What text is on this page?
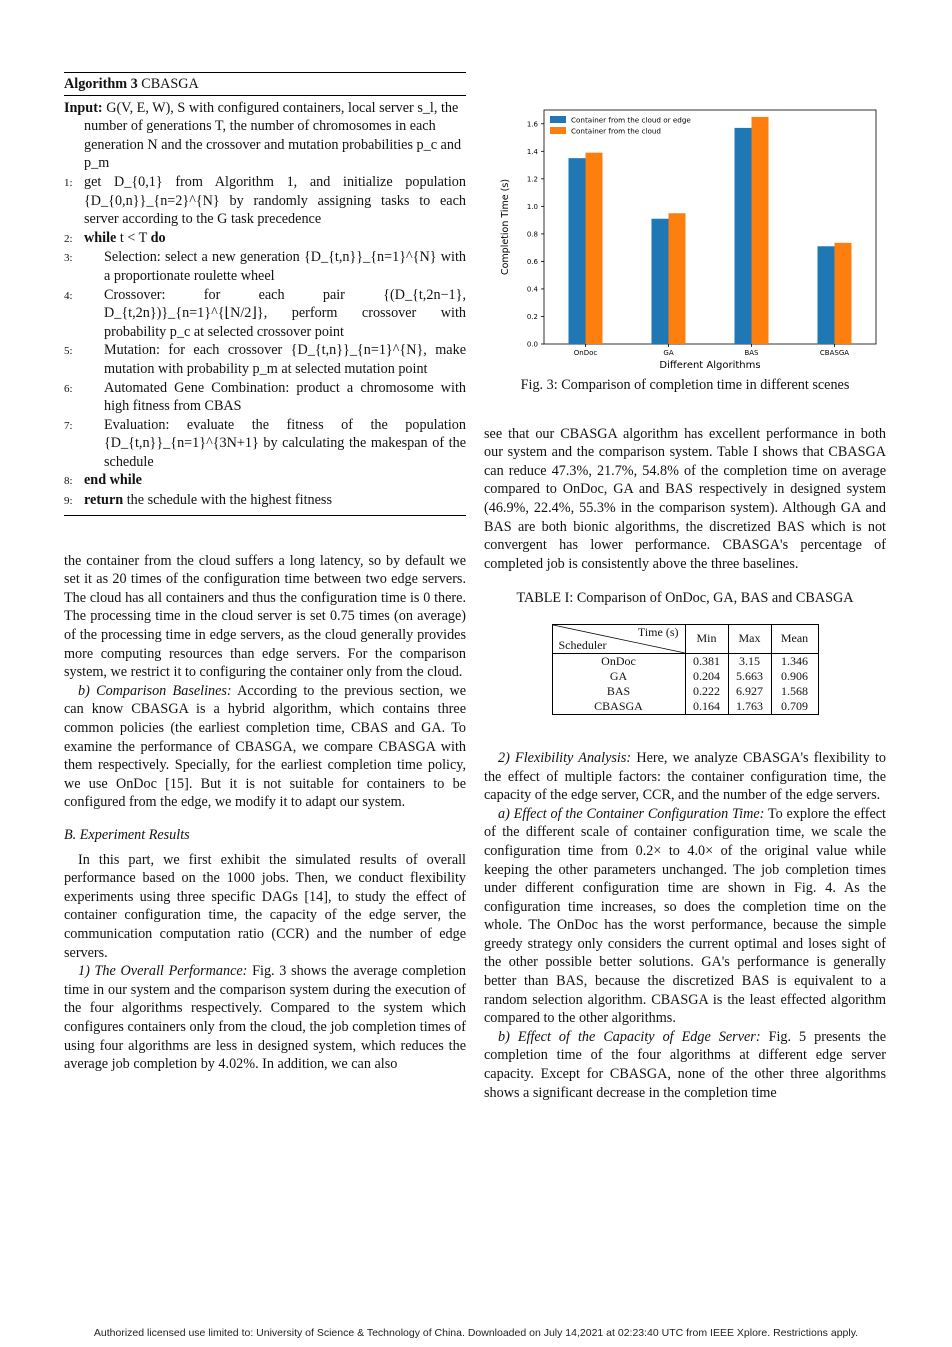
Algorithm 3 CBASGA
Input: G(V, E, W), S with configured containers, local server s_l, the number of generations T, the number of chromosomes in each generation N and the crossover and mutation probabilities p_c and p_m
1: get D_{0,1} from Algorithm 1, and initialize population {D_{0,n}}_{n=2}^{N} by randomly assigning tasks to each server according to the G task precedence
2: while t < T do
3:	Selection: select a new generation {D_{t,n}}_{n=1}^{N} with a proportionate roulette wheel
4:	Crossover: for each pair {(D_{t,2n−1}, D_{t,2n})}_{n=1}^{⌊N/2⌋}, perform crossover with probability p_c at selected crossover point
5:	Mutation: for each crossover {D_{t,n}}_{n=1}^{N}, make mutation with probability p_m at selected mutation point
6:	Automated Gene Combination: product a chromosome with high fitness from CBAS
7:	Evaluation: evaluate the fitness of the population {D_{t,n}}_{n=1}^{3N+1} by calculating the makespan of the schedule
8: end while
9: return the schedule with the highest fitness

the container from the cloud suffers a long latency, so by default we set it as 20 times of the configuration time between two edge servers. The cloud has all containers and thus the configuration time is 0 there. The processing time in the cloud server is set 0.75 times (on average) of the processing time in edge servers, as the cloud generally provides more computing resources than edge servers. For the comparison system, we restrict it to configuring the container only from the cloud.

b) Comparison Baselines: According to the previous section, we can know CBASGA is a hybrid algorithm, which contains three common policies (the earliest completion time, CBAS and GA. To examine the performance of CBASGA, we compare CBASGA with them respectively. Specially, for the earliest completion time policy, we use OnDoc [15]. But it is not suitable for containers to be configured from the edge, we modify it to adapt our system.

B. Experiment Results

In this part, we first exhibit the simulated results of overall performance based on the 1000 jobs. Then, we conduct flexibility experiments using three specific DAGs [14], to study the effect of container configuration time, the capacity of the edge server, the communication computation ratio (CCR) and the number of edge servers.

1) The Overall Performance: Fig. 3 shows the average completion time in our system and the comparison system during the execution of the four algorithms respectively. Compared to the system which configures containers only from the cloud, the job completion times of using four algorithms are less in designed system, which reduces the average job completion by 4.02%. In addition, we can also

0.0
0.2
0.4
0.6
0.8
1.0
1.2
1.4
1.6
OnDoc	GA	BAS	CBASGA
Different Algorithms
Completion Time (s)
Container from the cloud or edge
Container from the cloud
Fig. 3: Comparison of completion time in different scenes

see that our CBASGA algorithm has excellent performance in both our system and the comparison system. Table I shows that CBASGA can reduce 47.3%, 21.7%, 54.8% of the completion time on average compared to OnDoc, GA and BAS respectively in designed system (46.9%, 22.4%, 55.3% in the comparison system). Although GA and BAS are both bionic algorithms, the discretized BAS which is not convergent has lower performance. CBASGA's percentage of completed job is consistently above the three baselines.

TABLE I: Comparison of OnDoc, GA, BAS and CBASGA
Time (s)
Scheduler	Min	Max	Mean
OnDoc	0.381	3.15	1.346
GA	0.204	5.663	0.906
BAS	0.222	6.927	1.568
CBASGA	0.164	1.763	0.709

2) Flexibility Analysis: Here, we analyze CBASGA's flexibility to the effect of multiple factors: the container configuration time, the capacity of the edge server, CCR, and the number of the edge servers.

a) Effect of the Container Configuration Time: To explore the effect of the different scale of container configuration time, we scale the configuration time from 0.2× to 4.0× of the original value while keeping the other parameters unchanged. The job completion times under different configuration time are shown in Fig. 4. As the configuration time increases, so does the completion time on the whole. The OnDoc has the worst performance, because the simple greedy strategy only considers the current optimal and loses sight of the other possible better solutions. GA's performance is generally better than BAS, because the discretized BAS is equivalent to a random selection algorithm. CBASGA is the least effected algorithm compared to the other algorithms.

b) Effect of the Capacity of Edge Server: Fig. 5 presents the completion time of the four algorithms at different edge server capacity. Except for CBASGA, none of the other three algorithms shows a significant decrease in the completion time

Authorized licensed use limited to: University of Science & Technology of China. Downloaded on July 14,2021 at 02:23:40 UTC from IEEE Xplore. Restrictions apply.
